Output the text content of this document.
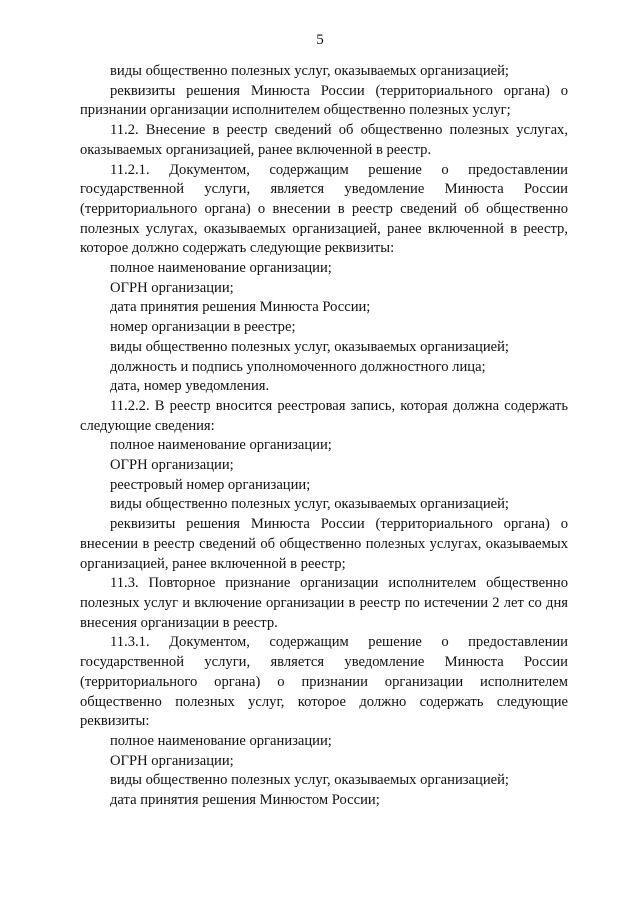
5

виды общественно полезных услуг, оказываемых организацией;

реквизиты решения Минюста России (территориального органа) о признании организации исполнителем общественно полезных услуг;

11.2. Внесение в реестр сведений об общественно полезных услугах, оказываемых организацией, ранее включенной в реестр.

11.2.1. Документом, содержащим решение о предоставлении государственной услуги, является уведомление Минюста России (территориального органа) о внесении в реестр сведений об общественно полезных услугах, оказываемых организацией, ранее включенной в реестр, которое должно содержать следующие реквизиты:

полное наименование организации;

ОГРН организации;

дата принятия решения Минюста России;

номер организации в реестре;

виды общественно полезных услуг, оказываемых организацией;

должность и подпись уполномоченного должностного лица;

дата, номер уведомления.

11.2.2. В реестр вносится реестровая запись, которая должна содержать следующие сведения:

полное наименование организации;

ОГРН организации;

реестровый номер организации;

виды общественно полезных услуг, оказываемых организацией;

реквизиты решения Минюста России (территориального органа) о внесении в реестр сведений об общественно полезных услугах, оказываемых организацией, ранее включенной в реестр;

11.3. Повторное признание организации исполнителем общественно полезных услуг и включение организации в реестр по истечении 2 лет со дня внесения организации в реестр.

11.3.1. Документом, содержащим решение о предоставлении государственной услуги, является уведомление Минюста России (территориального органа) о признании организации исполнителем общественно полезных услуг, которое должно содержать следующие реквизиты:

полное наименование организации;

ОГРН организации;

виды общественно полезных услуг, оказываемых организацией;

дата принятия решения Минюстом России;
